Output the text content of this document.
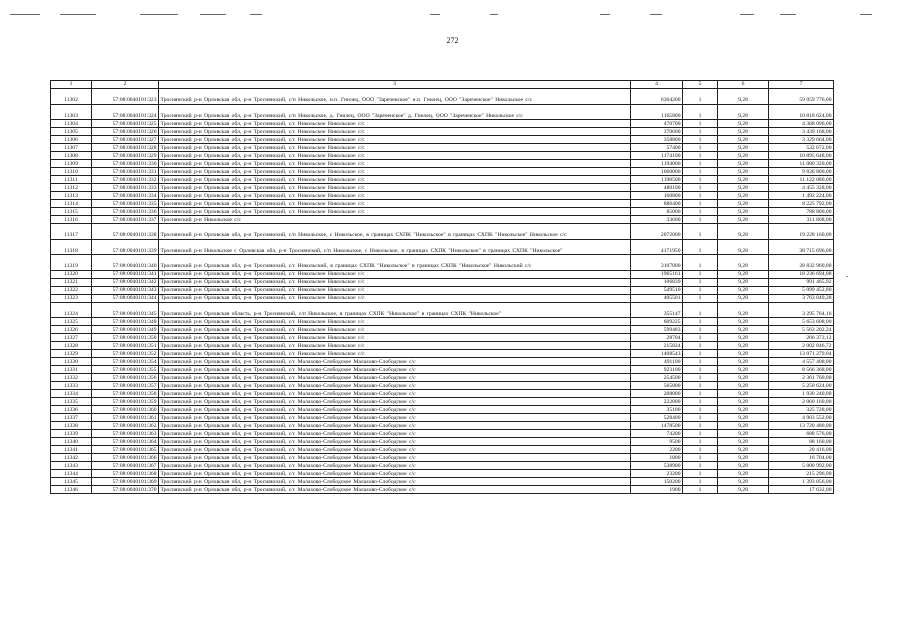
272
1	2	3	4	5	6	7
11302	57:08:0040101:323	Троснянский р-н Орловская обл, р-н Троснянский, с/п Никольское, н.п. Гнилец, ООО "Зареченское" н.п. Гнилец, ООО "Зареченское" Никольское с/с	6364200	1	9,28	59 059 776,00
11303	57:08:0040101:324	Троснянский р-н Орловская обл, р-н Троснянский, с/п Никольское, д. Гнилец, ООО "Зареченское" д. Гнилец, ООО "Зареченское" Никольское с/с	1165800	1	9,28	10 818 624,00
11304	57:08:0040101:325	Троснянский р-н Орловская обл, р-н Троснянский, с/с Никольское Никольское с/с	470700	1	9,28	4 368 096,00
11305	57:08:0040101:326	Троснянский р-н Орловская обл, р-н Троснянский, с/с Никольское Никольское с/с	370600	1	9,28	3 439 168,00
11306	57:08:0040101:327	Троснянский р-н Орловская обл, р-н Троснянский, с/с Никольское Никольское с/с	358800	1	9,28	3 329 664,00
11307	57:08:0040101:328	Троснянский р-н Орловская обл, р-н Троснянский, с/с Никольское Никольское с/с	57400	1	9,28	532 672,00
11308	57:08:0040101:329	Троснянский р-н Орловская обл, р-н Троснянский, с/с Никольское Никольское с/с	1174100	1	9,28	10 895 648,00
11309	57:08:0040101:330	Троснянский р-н Орловская обл, р-н Троснянский, с/с Никольское Никольское с/с	1194000	1	9,28	11 080 320,00
11310	57:08:0040101:331	Троснянский р-н Орловская обл, р-н Троснянский, с/с Никольское Никольское с/с	1060000	1	9,28	9 836 800,00
11311	57:08:0040101:332	Троснянский р-н Орловская обл, р-н Троснянский, с/с Никольское Никольское с/с	1198500	1	9,28	11 122 080,00
11312	57:08:0040101:333	Троснянский р-н Орловская обл, р-н Троснянский, с/с Никольское Никольское с/с	480100	1	9,28	4 455 328,00
11313	57:08:0040101:334	Троснянский р-н Орловская обл, р-н Троснянский, с/с Никольское Никольское с/с	160800	1	9,28	1 492 224,00
11314	57:08:0040101:335	Троснянский р-н Орловская обл, р-н Троснянский, с/с Никольское Никольское с/с	886400	1	9,28	8 225 792,00
11315	57:08:0040101:336	Троснянский р-н Орловская обл, р-н Троснянский, с/с Никольское Никольское с/с	85000	1	9,28	788 800,00
11316	57:08:0040101:337	Троснянский р-н Никольское с/с	33600	1	9,28	311 808,00
11317	57:08:0040101:338	Троснянский р-н Орловская обл, р-н Троснянский, с/п Никольское, с Никольское, в границах СХПК "Никольское" в границах СХПК "Никольское" Никольское с/с	2072000	1	9,28	19 228 160,00
11318	57:08:0040101:339	Троснянский р-н Никольское с Орловская обл, р-н Троснянский, с/п Никольское, с Никольское, в границах СХПК "Никольское" в границах СХПК "Никольское"	4171950	1	9,28	38 715 696,00
11319	57:08:0040101:340	Троснянский р-н Орловская обл, р-н Троснянский, с/с Никольский, в границах СХПК "Никольское" в границах СХПК "Никольское" Никольский с/с	3107000	1	9,28	28 832 960,00
11320	57:08:0040101:341	Троснянский р-н Орловская обл, р-н Троснянский, с/с Никольское Никольское с/с	1965161	1	9,28	18 236 694,08
11321	57:08:0040101:342	Троснянский р-н Орловская обл, р-н Троснянский, с/с Никольское Никольское с/с	106839	1	9,28	991 465,92
11322	57:08:0040101:343	Троснянский р-н Орловская обл, р-н Троснянский, с/с Никольское Никольское с/с	549510	1	9,28	5 099 452,80
11323	57:08:0040101:344	Троснянский р-н Орловская обл, р-н Троснянский, с/с Никольское Никольское с/с	405501	1	9,28	3 763 049,28
11324	57:08:0040101:345	Троснянский р-н Орловская область, р-н Троснянский, с/п Никольское, в границах СХПК "Никольское" в границах СХПК "Никольское"	355147	1	9,28	3 295 764,16
11325	57:08:0040101:348	Троснянский р-н Орловская обл, р-н Троснянский, с/с Никольское Никольское с/с	609225	1	9,28	5 653 608,00
11326	57:08:0040101:349	Троснянский р-н Орловская обл, р-н Троснянский, с/с Никольское Никольское с/с	599483	1	9,28	5 563 202,24
11327	57:08:0040101:350	Троснянский р-н Орловская обл, р-н Троснянский, с/с Никольское Никольское с/с	28704	1	9,28	266 373,12
11328	57:08:0040101:351	Троснянский р-н Орловская обл, р-н Троснянский, с/с Никольское Никольское с/с	215824	1	9,28	2 002 846,72
11329	57:08:0040101:352	Троснянский р-н Орловская обл, р-н Троснянский, с/с Никольское Никольское с/с	1408543	1	9,28	13 071 279,04
11330	57:08:0040101:354	Троснянский р-н Орловская обл, р-н Троснянский, с/с Малахово-Слободское Малахово-Слободское с/с	491100	1	9,28	4 557 408,00
11331	57:08:0040101:355	Троснянский р-н Орловская обл, р-н Троснянский, с/с Малахово-Слободское Малахово-Слободское с/с	923100	1	9,28	8 566 368,00
11332	57:08:0040101:356	Троснянский р-н Орловская обл, р-н Троснянский, с/с Малахово-Слободское Малахово-Слободское с/с	254500	1	9,28	2 361 760,00
11333	57:08:0040101:357	Троснянский р-н Орловская обл, р-н Троснянский, с/с Малахово-Слободское Малахово-Слободское с/с	565800	1	9,28	5 250 624,00
11334	57:08:0040101:358	Троснянский р-н Орловская обл, р-н Троснянский, с/с Малахово-Слободское Малахово-Слободское с/с	208000	1	9,28	1 930 240,00
11335	57:08:0040101:359	Троснянский р-н Орловская обл, р-н Троснянский, с/с Малахово-Слободское Малахово-Слободское с/с	222000	1	9,28	2 060 160,00
11336	57:08:0040101:360	Троснянский р-н Орловская обл, р-н Троснянский, с/с Малахово-Слободское Малахово-Слободское с/с	35100	1	9,28	325 728,00
11337	57:08:0040101:361	Троснянский р-н Орловская обл, р-н Троснянский, с/с Малахово-Слободское Малахово-Слободское с/с	528400	1	9,28	4 903 552,00
11338	57:08:0040101:362	Троснянский р-н Орловская обл, р-н Троснянский, с/с Малахово-Слободское Малахово-Слободское с/с	1478500	1	9,28	13 720 480,00
11339	57:08:0040101:363	Троснянский р-н Орловская обл, р-н Троснянский, с/с Малахово-Слободское Малахово-Слободское с/с	74200	1	9,28	688 576,00
11340	57:08:0040101:364	Троснянский р-н Орловская обл, р-н Троснянский, с/с Малахово-Слободское Малахово-Слободское с/с	9500	1	9,28	88 160,00
11341	57:08:0040101:365	Троснянский р-н Орловская обл, р-н Троснянский, с/с Малахово-Слободское Малахово-Слободское с/с	2200	1	9,28	20 416,00
11342	57:08:0040101:366	Троснянский р-н Орловская обл, р-н Троснянский, с/с Малахово-Слободское Малахово-Слободское с/с	1800	1	9,28	16 704,00
11343	57:08:0040101:367	Троснянский р-н Орловская обл, р-н Троснянский, с/с Малахово-Слободское Малахово-Слободское с/с	538900	1	9,28	5 000 992,00
11344	57:08:0040101:368	Троснянский р-н Орловская обл, р-н Троснянский, с/с Малахово-Слободское Малахово-Слободское с/с	23200	1	9,28	215 296,00
11345	57:08:0040101:369	Троснянский р-н Орловская обл, р-н Троснянский, с/с Малахово-Слободское Малахово-Слободское с/с	150200	1	9,28	1 393 856,00
11346	57:08:0040101:370	Троснянский р-н Орловская обл, р-н Троснянский, с/с Малахово-Слободское Малахово-Слободское с/с	1900	1	9,28	17 632,00
-
